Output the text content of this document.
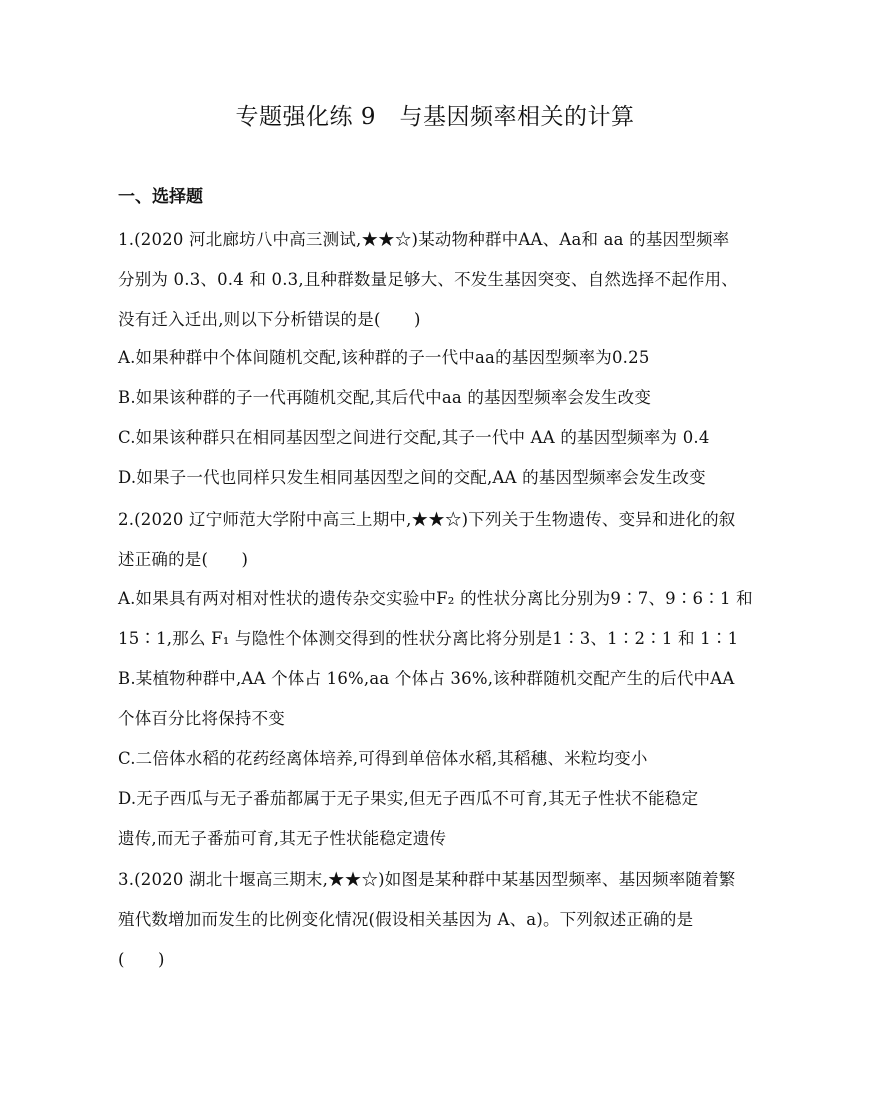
专题强化练 9　与基因频率相关的计算
一、选择题
1.(2020 河北廊坊八中高三测试,★★☆)某动物种群中AA、Aa和 aa 的基因型频率
分别为 0.3、0.4 和 0.3,且种群数量足够大、不发生基因突变、自然选择不起作用、
没有迁入迁出,则以下分析错误的是(　　)
A.如果种群中个体间随机交配,该种群的子一代中aa的基因型频率为0.25
B.如果该种群的子一代再随机交配,其后代中aa 的基因型频率会发生改变
C.如果该种群只在相同基因型之间进行交配,其子一代中 AA 的基因型频率为 0.4
D.如果子一代也同样只发生相同基因型之间的交配,AA 的基因型频率会发生改变
2.(2020 辽宁师范大学附中高三上期中,★★☆)下列关于生物遗传、变异和进化的叙
述正确的是(　　)
A.如果具有两对相对性状的遗传杂交实验中F₂ 的性状分离比分别为9∶7、9∶6∶1 和
15∶1,那么 F₁ 与隐性个体测交得到的性状分离比将分别是1∶3、1∶2∶1 和 1∶1
B.某植物种群中,AA 个体占 16%,aa 个体占 36%,该种群随机交配产生的后代中AA
个体百分比将保持不变
C.二倍体水稻的花药经离体培养,可得到单倍体水稻,其稻穗、米粒均变小
D.无子西瓜与无子番茄都属于无子果实,但无子西瓜不可育,其无子性状不能稳定
遗传,而无子番茄可育,其无子性状能稳定遗传
3.(2020 湖北十堰高三期末,★★☆)如图是某种群中某基因型频率、基因频率随着繁
殖代数增加而发生的比例变化情况(假设相关基因为 A、a)。下列叙述正确的是
(　　)
